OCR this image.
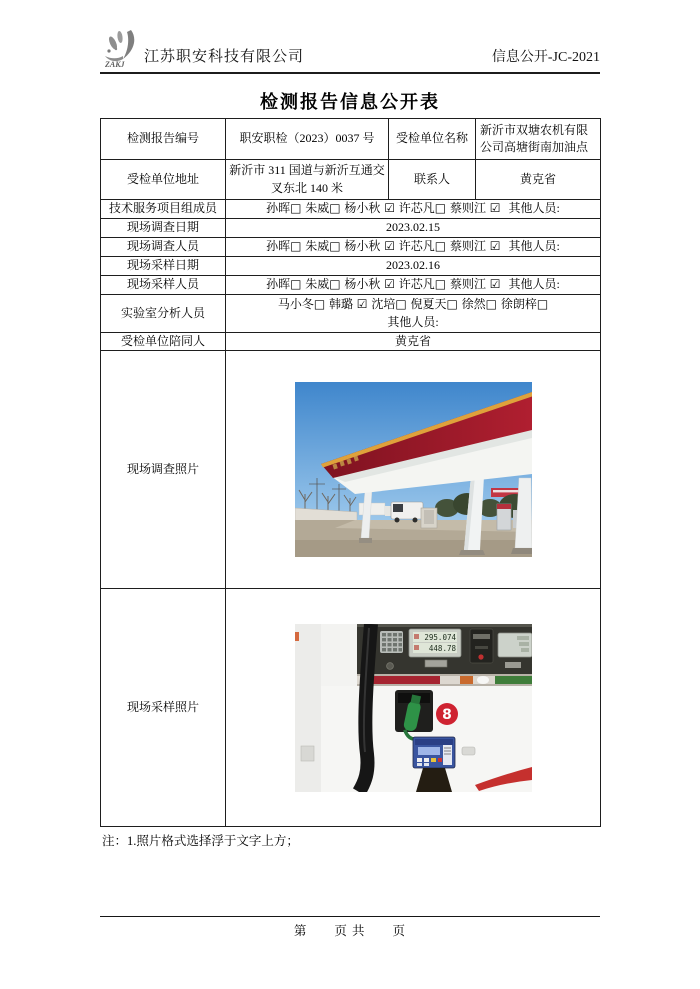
ZAKJ 江苏职安科技有限公司	信息公开-JC-2021
检测报告信息公开表
检测报告编号	职安职检（2023）0037 号	受检单位名称	新沂市双塘农机有限公司高塘街南加油点
受检单位地址	新沂市 311 国道与新沂互通交叉东北 140 米	联系人	黄克省
技术服务项目组成员	孙晖□ 朱威□ 杨小秋 ☑ 许芯凡□ 蔡则江 ☑ 其他人员:		
现场调查日期	2023.02.15		
现场调查人员	孙晖□ 朱威□ 杨小秋 ☑ 许芯凡□ 蔡则江 ☑ 其他人员:		
现场采样日期	2023.02.16		
现场采样人员	孙晖□ 朱威□ 杨小秋 ☑ 许芯凡□ 蔡则江 ☑ 其他人员:		
实验室分析人员	马小冬□ 韩璐 ☑ 沈培□ 倪夏天□ 徐然□ 徐朗梓□
其他人员:		

受检单位陪同人	黄克省		
现场调查照片	
现场采样照片	295.074
448.78
8		
注：1.照片格式选择浮于文字上方；
第　　页 共　　页
